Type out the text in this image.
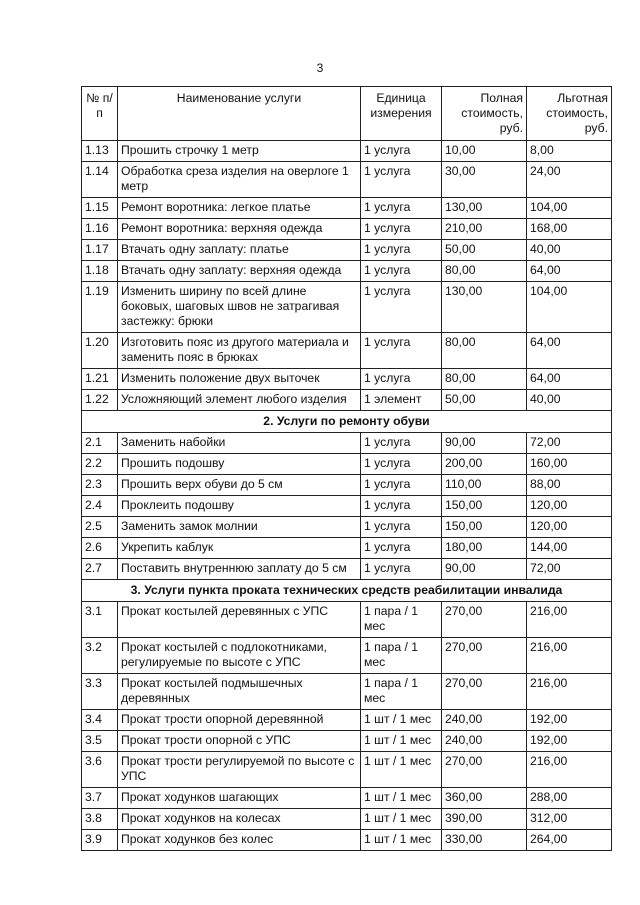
3
№ п/п	Наименование услуги	Единица измерения	Полная стоимость, руб.	Льготная стоимость, руб.
1.13	Прошить строчку 1 метр	1 услуга	10,00	8,00
1.14	Обработка среза изделия на оверлоге 1 метр	1 услуга	30,00	24,00
1.15	Ремонт воротника: легкое платье	1 услуга	130,00	104,00
1.16	Ремонт воротника: верхняя одежда	1 услуга	210,00	168,00
1.17	Втачать одну заплату: платье	1 услуга	50,00	40,00
1.18	Втачать одну заплату: верхняя одежда	1 услуга	80,00	64,00
1.19	Изменить ширину по всей длине боковых, шаговых швов не затрагивая застежку: брюки	1 услуга	130,00	104,00
1.20	Изготовить пояс из другого материала и заменить пояс в брюках	1 услуга	80,00	64,00
1.21	Изменить положение двух выточек	1 услуга	80,00	64,00
1.22	Усложняющий элемент любого изделия	1 элемент	50,00	40,00
2. Услуги по ремонту обуви				
2.1	Заменить набойки	1 услуга	90,00	72,00
2.2	Прошить подошву	1 услуга	200,00	160,00
2.3	Прошить верх обуви до 5 см	1 услуга	110,00	88,00
2.4	Проклеить подошву	1 услуга	150,00	120,00
2.5	Заменить замок молнии	1 услуга	150,00	120,00
2.6	Укрепить каблук	1 услуга	180,00	144,00
2.7	Поставить внутреннюю заплату до 5 см	1 услуга	90,00	72,00
3. Услуги пункта проката технических средств реабилитации инвалида				
3.1	Прокат костылей деревянных с УПС	1 пара / 1 мес	270,00	216,00
3.2	Прокат костылей с подлокотниками, регулируемые по высоте с УПС	1 пара / 1 мес	270,00	216,00
3.3	Прокат костылей подмышечных деревянных	1 пара / 1 мес	270,00	216,00
3.4	Прокат трости опорной деревянной	1 шт / 1 мес	240,00	192,00
3.5	Прокат трости опорной с УПС	1 шт / 1 мес	240,00	192,00
3.6	Прокат трости регулируемой по высоте с УПС	1 шт / 1 мес	270,00	216,00
3.7	Прокат ходунков шагающих	1 шт / 1 мес	360,00	288,00
3.8	Прокат ходунков на колесах	1 шт / 1 мес	390,00	312,00
3.9	Прокат ходунков без колес	1 шт / 1 мес	330,00	264,00
